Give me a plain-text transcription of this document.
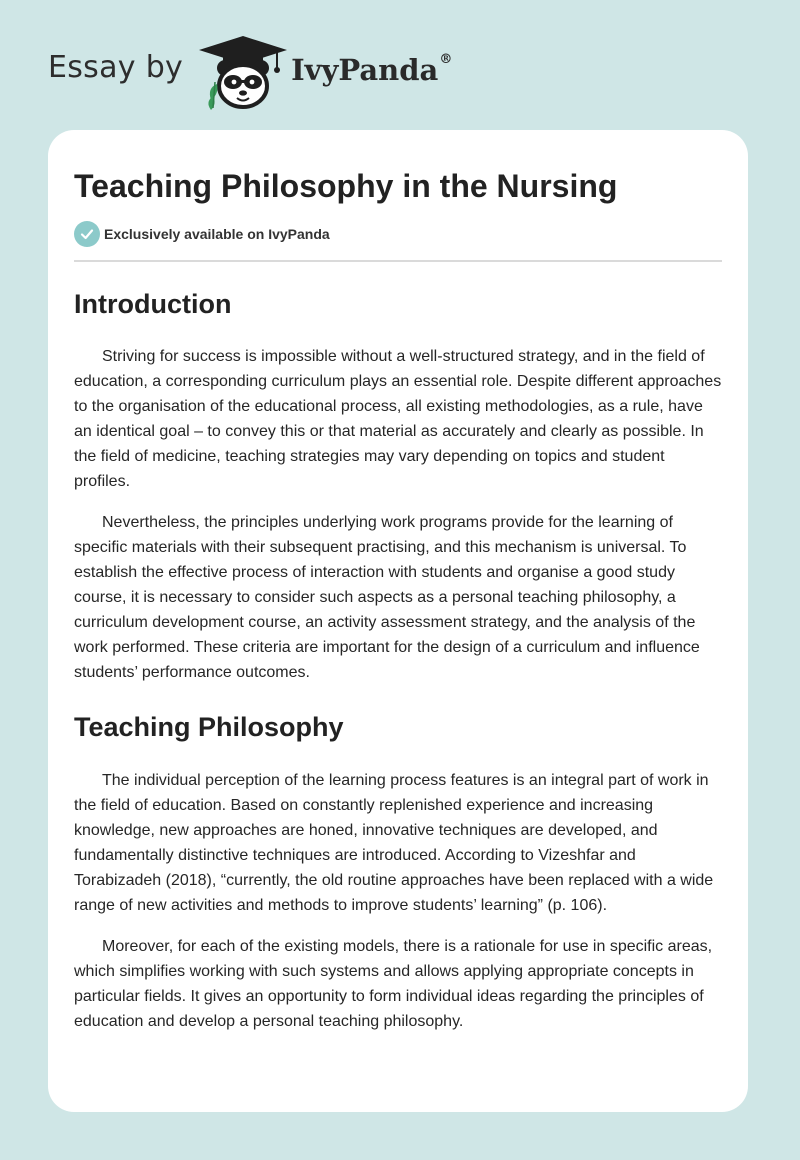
Essay by	IvyPanda®
Teaching Philosophy in the Nursing
Exclusively available on IvyPanda
Introduction

Striving for success is impossible without a well-structured strategy, and in the field of education, a corresponding curriculum plays an essential role. Despite different approaches to the organisation of the educational process, all existing methodologies, as a rule, have an identical goal – to convey this or that material as accurately and clearly as possible. In the field of medicine, teaching strategies may vary depending on topics and student profiles.

Nevertheless, the principles underlying work programs provide for the learning of specific materials with their subsequent practising, and this mechanism is universal. To establish the effective process of interaction with students and organise a good study course, it is necessary to consider such aspects as a personal teaching philosophy, a curriculum development course, an activity assessment strategy, and the analysis of the work performed. These criteria are important for the design of a curriculum and influence students’ performance outcomes.

Teaching Philosophy

The individual perception of the learning process features is an integral part of work in the field of education. Based on constantly replenished experience and increasing knowledge, new approaches are honed, innovative techniques are developed, and fundamentally distinctive techniques are introduced. According to Vizeshfar and Torabizadeh (2018), “currently, the old routine approaches have been replaced with a wide range of new activities and methods to improve students’ learning” (p. 106).

Moreover, for each of the existing models, there is a rationale for use in specific areas, which simplifies working with such systems and allows applying appropriate concepts in particular fields. It gives an opportunity to form individual ideas regarding the principles of education and develop a personal teaching philosophy.
